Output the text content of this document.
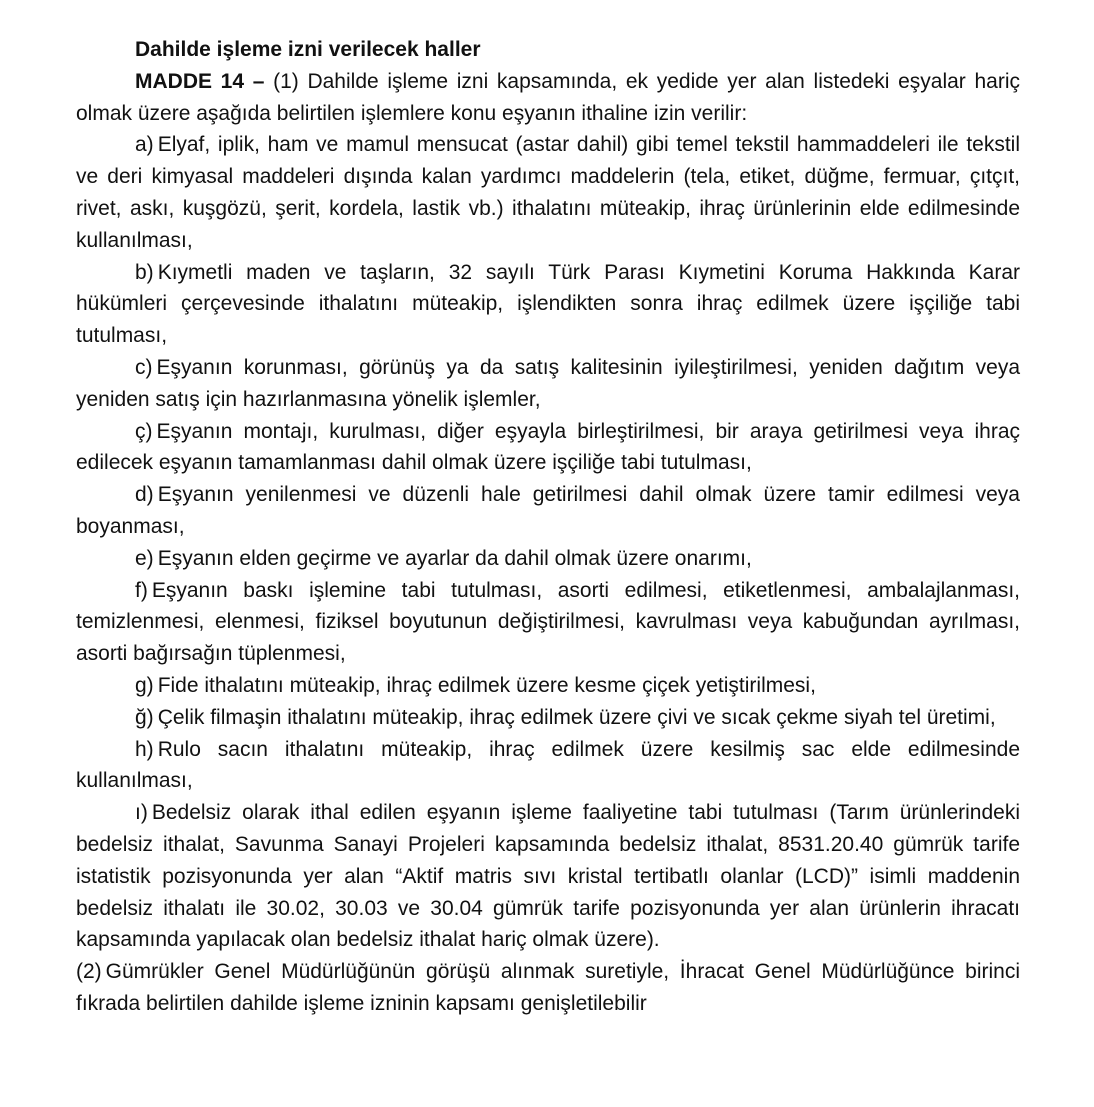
Dahilde işleme izni verilecek haller

MADDE 14 – (1) Dahilde işleme izni kapsamında, ek yedide yer alan listedeki eşyalar hariç olmak üzere aşağıda belirtilen işlemlere konu eşyanın ithaline izin verilir:

a) Elyaf, iplik, ham ve mamul mensucat (astar dahil) gibi temel tekstil hammaddeleri ile tekstil ve deri kimyasal maddeleri dışında kalan yardımcı maddelerin (tela, etiket, düğme, fermuar, çıtçıt, rivet, askı, kuşgözü, şerit, kordela, lastik vb.) ithalatını müteakip, ihraç ürünlerinin elde edilmesinde kullanılması,

b) Kıymetli maden ve taşların, 32 sayılı Türk Parası Kıymetini Koruma Hakkında Karar hükümleri çerçevesinde ithalatını müteakip, işlendikten sonra ihraç edilmek üzere işçiliğe tabi tutulması,

c) Eşyanın korunması, görünüş ya da satış kalitesinin iyileştirilmesi, yeniden dağıtım veya yeniden satış için hazırlanmasına yönelik işlemler,

ç) Eşyanın montajı, kurulması, diğer eşyayla birleştirilmesi, bir araya getirilmesi veya ihraç edilecek eşyanın tamamlanması dahil olmak üzere işçiliğe tabi tutulması,

d) Eşyanın yenilenmesi ve düzenli hale getirilmesi dahil olmak üzere tamir edilmesi veya boyanması,

e) Eşyanın elden geçirme ve ayarlar da dahil olmak üzere onarımı,

f) Eşyanın baskı işlemine tabi tutulması, asorti edilmesi, etiketlenmesi, ambalajlanması, temizlenmesi, elenmesi, fiziksel boyutunun değiştirilmesi, kavrulması veya kabuğundan ayrılması, asorti bağırsağın tüplenmesi,

g) Fide ithalatını müteakip, ihraç edilmek üzere kesme çiçek yetiştirilmesi,

ğ) Çelik filmaşin ithalatını müteakip, ihraç edilmek üzere çivi ve sıcak çekme siyah tel üretimi,

h) Rulo sacın ithalatını müteakip, ihraç edilmek üzere kesilmiş sac elde edilmesinde kullanılması,

ı) Bedelsiz olarak ithal edilen eşyanın işleme faaliyetine tabi tutulması (Tarım ürünlerindeki bedelsiz ithalat, Savunma Sanayi Projeleri kapsamında bedelsiz ithalat, 8531.20.40 gümrük tarife istatistik pozisyonunda yer alan “Aktif matris sıvı kristal tertibatlı olanlar (LCD)” isimli maddenin bedelsiz ithalatı ile 30.02, 30.03 ve 30.04 gümrük tarife pozisyonunda yer alan ürünlerin ihracatı kapsamında yapılacak olan bedelsiz ithalat hariç olmak üzere).

(2) Gümrükler Genel Müdürlüğünün görüşü alınmak suretiyle, İhracat Genel Müdürlüğünce birinci fıkrada belirtilen dahilde işleme izninin kapsamı genişletilebilir
